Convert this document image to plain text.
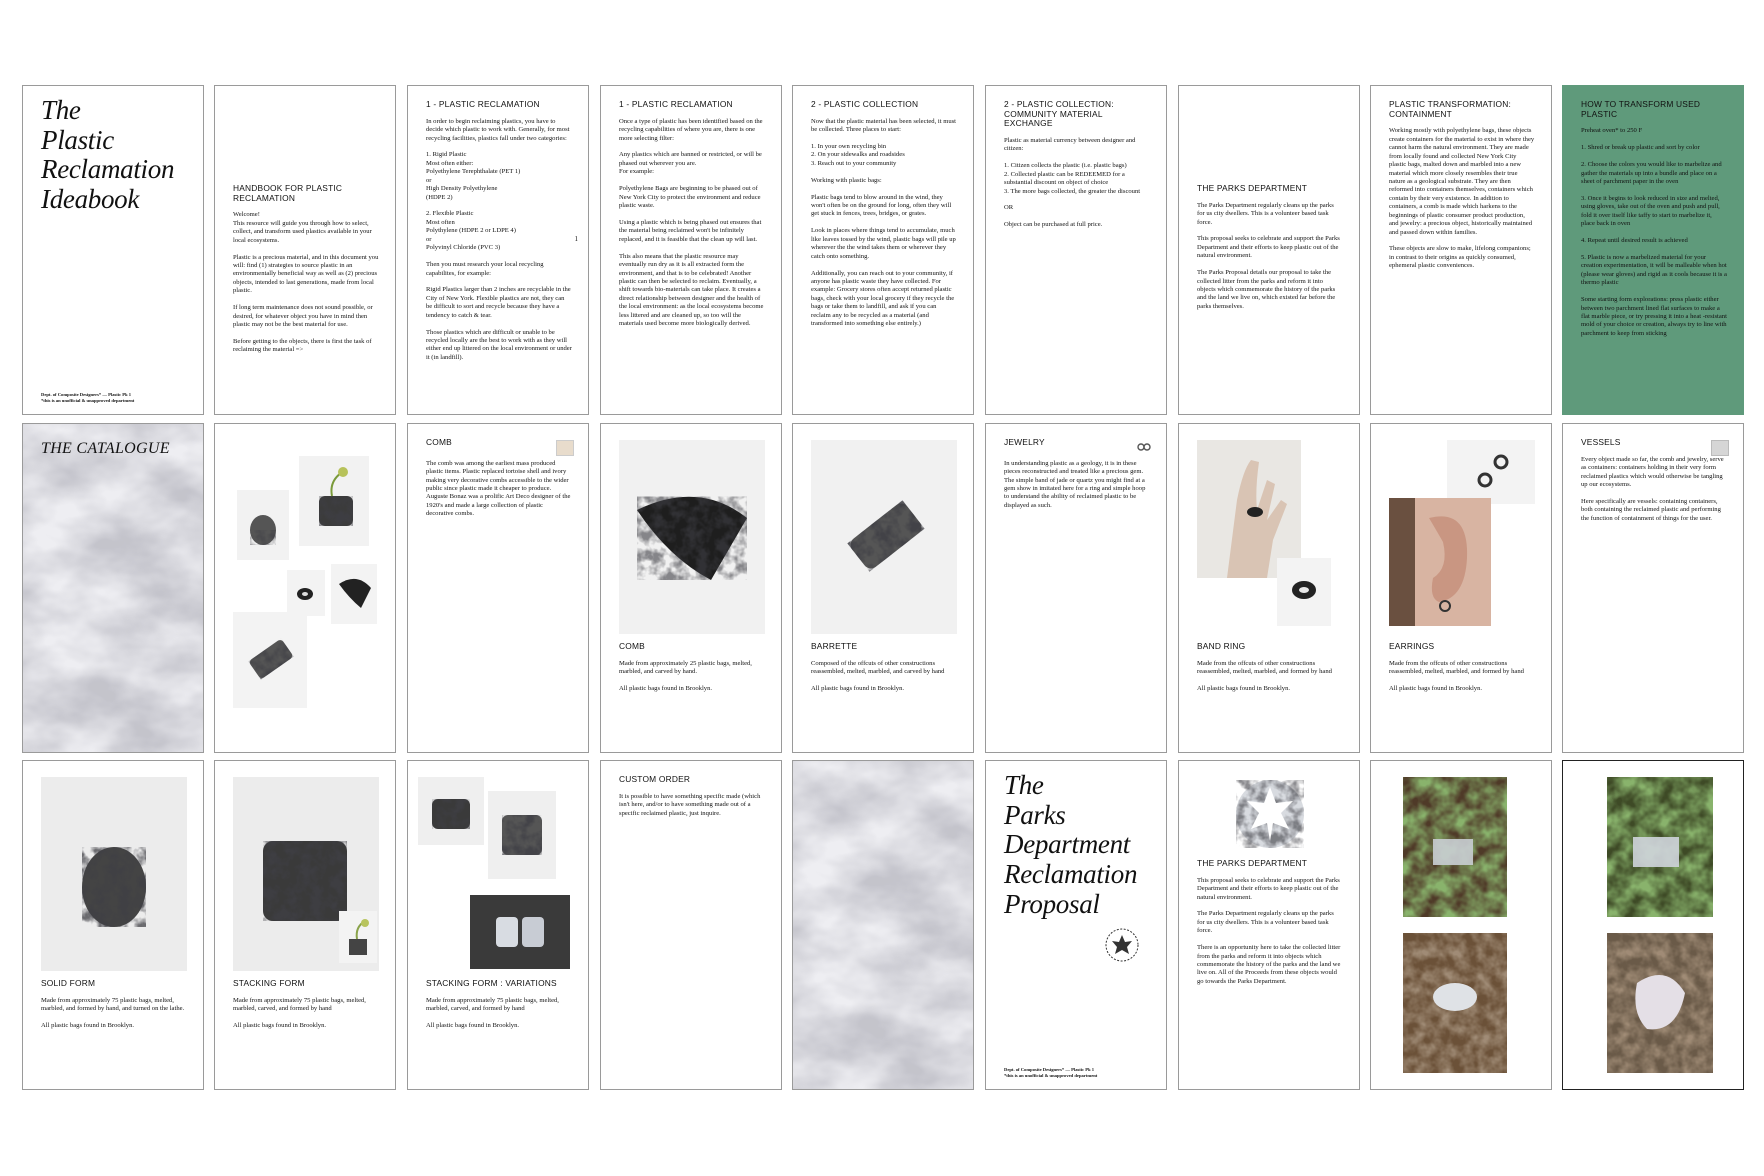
The
Plastic
Reclamation
Ideabook
Dept. of Composite Designers* — Plastic Pk 1
*this is an unofficial & unapproved department
HANDBOOK FOR PLASTIC RECLAMATION
Welcome!
This resource will guide you through how to select, collect, and transform used plastics available in your local ecosystems.

Plastic is a precious material, and in this document you will: find (1) strategies to source plastic in an environmentally beneficial way as well as (2) precious objects, intended to last generations, made from local plastic.

If long term maintenance does not sound possible, or desired, for whatever object you have in mind then plastic may not be the best material for use.

Before getting to the objects, there is first the task of reclaiming the material =>
1 - PLASTIC RECLAMATION
In order to begin reclaiming plastics, you have to decide which plastic to work with. Generally, for most recycling facilities, plastics fall under two categories:

1. Rigid Plastic
Most often either:
Polyethylene Terephthalate (PET 1)
or
High Density Polyethylene
(HDPE 2)

2. Flexible Plastic
Most often
Polythylene (HDPE 2 or LDPE 4)
or
Polyvinyl Chloride (PVC 3)

Then you must research your local recycling capabilites, for example:

Rigid Plastics larger than 2 inches are recyclable in the City of New York. Flexible plastics are not, they can be difficult to sort and recycle because they have a tendency to catch & tear.

Those plastics which are difficult or unable to be recycled locally are the best to work with as they will either end up littered on the local environment or under it (in landfill).
1
1 - PLASTIC RECLAMATION
Once a type of plastic has been identified based on the recycling capabilities of where you are, there is one more selecting filter:

Any plastics which are banned or restricted, or will be phased out wherever you are.
For example:

Polyethylene Bags are beginning to be phased out of New York City to protect the environment and reduce plastic waste.

Using a plastic which is being phased out ensures that the material being reclaimed won't be infinitely replaced, and it is feasible that the clean up will last.

This also means that the plastic resource may eventually run dry as it is all extracted form the environment, and that is to be celebrated! Another plastic can then be selected to reclaim. Eventually, a shift towards bio-materials can take place. It creates a direct relationship between designer and the health of the local environment: as the local ecosystems become less littered and are cleaned up, so too will the materials used become more biologically derived.
2 - PLASTIC COLLECTION
Now that the plastic material has been selected, it must be collected. Three places to start:

1. In your own recycling bin
2. On your sidewalks and roadsides
3. Reach out to your community

Working with plastic bags:

Plastic bags tend to blow around in the wind, they won't often be on the ground for long, often they will get stuck in fences, trees, bridges, or grates.

Look in places where things tend to accumulate, much like leaves tossed by the wind, plastic bags will pile up wherever the the wind takes them or wherever they catch onto something.

Additionally, you can reach out to your community, if anyone has plastic waste they have collected. For example: Grocery stores often accept returned plastic bags, check with your local grocery if they recycle the bags or take them to landfill, and ask if you can reclaim any to be recycled as a material (and transformed into something else entirely.)
2 - PLASTIC COLLECTION: COMMUNITY MATERIAL EXCHANGE
Plastic as material currency between designer and citizen:

1. Citizen collects the plastic (i.e. plastic bags)
2. Collected plastic can be REDEEMED for a substantial discount on object of choice
3. The more bags collected, the greater the discount

OR

Object can be purchased at full price.
THE PARKS DEPARTMENT
The Parks Department regularly cleans up the parks for us city dwellers. This is a volunteer based task force.

This proposal seeks to celebrate and support the Parks Department and their efforts to keep plastic out of the natural environment.

The Parks Proposal details our proposal to take the collected litter from the parks and reform it into objects which commemorate the history of the parks and the land we live on, which existed far before the parks themselves.
PLASTIC TRANSFORMATION: CONTAINMENT
Working mostly with polyethylene bags, these objects create containers for the material to exist in where they cannot harm the natural environment. They are made from locally found and collected New York City plastic bags, malted down and marbled into a new material which more closely resembles their true nature as a geological substrate. They are then reformed into containers themselves, containers which contain by their very existence. In addition to containers, a comb is made which harkens to the beginnings of plastic consumer product production, and jewelry: a precious object, historically maintained and passed down within families.

These objects are slow to make, lifelong companions; in contrast to their origins as quickly consumed, ephemeral plastic conveniences.
HOW TO TRANSFORM USED PLASTIC
Preheat oven* to 250 F

1. Shred or break up plastic and sort by color

2. Choose the colors you would like to marbelize and gather the materials up into a bundle and place on a sheet of parchment paper in the oven

3. Once it begins to look reduced in size and melted, using gloves, take out of the oven and push and pull, fold it over itself like taffy to start to marbelize it, place back in oven

4. Repeat until desired result is achieved

5. Plastic is now a marbelized material for your creation experimentation, it will be malleable when hot (please wear gloves) and rigid as it cools because it is a thermo plastic

Some starting form explorations: press plastic either between two parchment lined flat surfaces to make a flat marble piece, or try pressing it into a heat -resistant mold of your choice or creation, always try to line with parchment to keep from sticking
THE CATALOGUE	COMB
The comb was among the earliest mass produced plastic items. Plastic replaced tortoise shell and ivory making very decorative combs accessible to the wider public since plastic made it cheaper to produce. Auguste Bonaz was a prolific Art Deco designer of the 1920's and made a large collection of plastic decorative combs.
COMB
Made from approximately 25 plastic bags, melted, marbled, and carved by hand.

All plastic bags found in Brooklyn.
BARRETTE
Composed of the offcuts of other constructions reassembled, melted, marbled, and carved by hand

All plastic bags found in Brooklyn.
JEWELRY
In understanding plastic as a geology, it is in these pieces reconstructed and treated like a precious gem. The simple band of jade or quartz you might find at a gem show in imitated here for a ring and simple hoop to understand the ability of reclaimed plastic to be displayed as such.
BAND RING
Made from the offcuts of other constructions reassembled, melted, marbled, and formed by hand

All plastic bags found in Brooklyn.
EARRINGS
Made from the offcuts of other constructions reassembled, melted, marbled, and formed by hand

All plastic bags found in Brooklyn.
VESSELS
Every object made so far, the comb and jewelry, serve as containers: containers holding in their very form reclaimed plastics which would otherwise be tangling up our ecosystems.

Here specifically are vessels: containing containers, both containing the reclaimed plastic and performing the function of containment of things for the user.
SOLID FORM
Made from approximately 75 plastic bags, melted, marbled, and formed by hand, and turned on the lathe.

All plastic bags found in Brooklyn.
STACKING FORM
Made from approximately 75 plastic bags, melted, marbled, carved, and formed by hand

All plastic bags found in Brooklyn.
STACKING FORM : VARIATIONS
Made from approximately 75 plastic bags, melted, marbled, carved, and formed by hand

All plastic bags found in Brooklyn.
CUSTOM ORDER
It is possible to have something specific made (which isn't here, and/or to have something made out of a specific reclaimed plastic, just inquire.
The
Parks
Department
Reclamation
Proposal
Dept. of Composite Designers* — Plastic Pk 1
*this is an unofficial & unapproved department
THE PARKS DEPARTMENT
This proposal seeks to celebrate and support the Parks Department and their efforts to keep plastic out of the natural environment.

The Parks Department regularly cleans up the parks for us city dwellers. This is a volunteer based task force.

There is an opportunity here to take the collected litter from the parks and reform it into objects which commemorate the history of the parks and the land we live on. All of the Proceeds from these objects would go towards the Parks Department.
